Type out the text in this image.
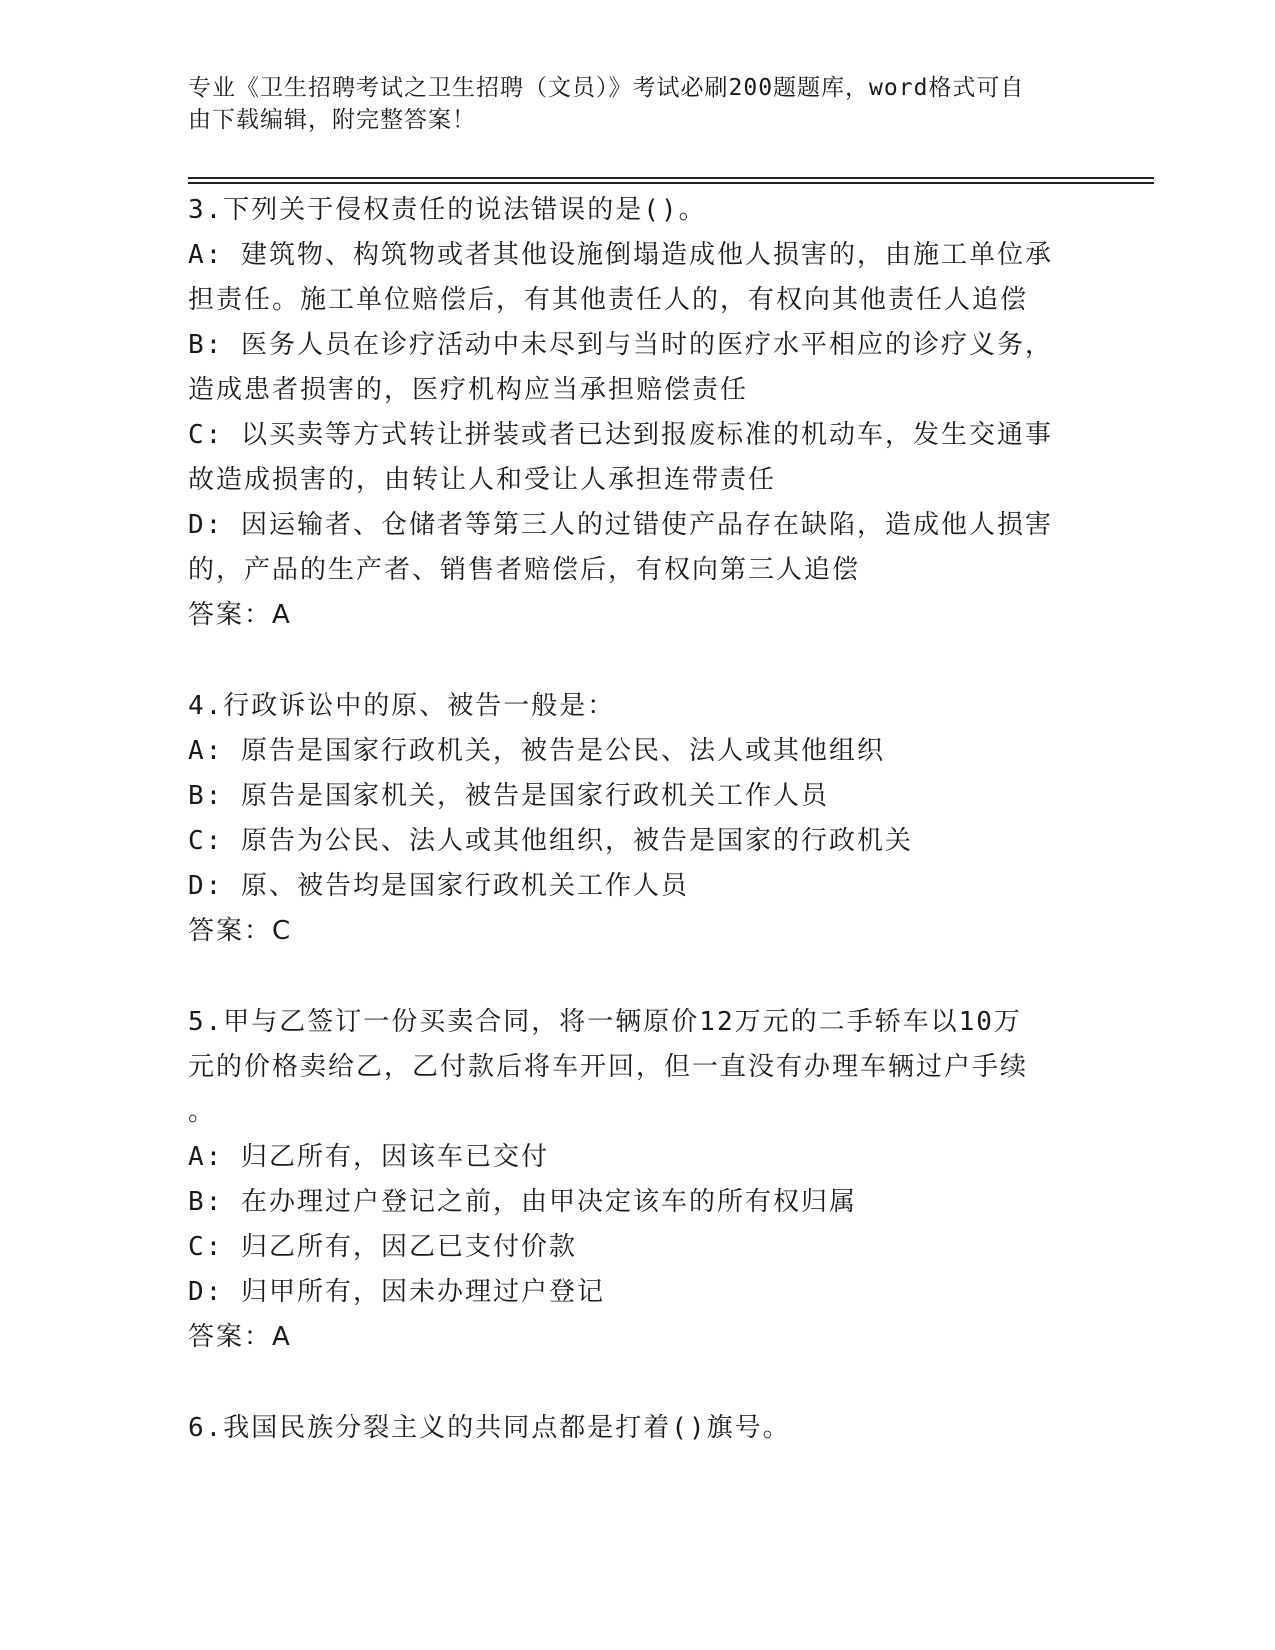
专业《卫生招聘考试之卫生招聘（文员）》考试必刷200题题库，word格式可自
由下载编辑，附完整答案！
3.下列关于侵权责任的说法错误的是()。
A: 建筑物、构筑物或者其他设施倒塌造成他人损害的，由施工单位承
担责任。施工单位赔偿后，有其他责任人的，有权向其他责任人追偿
B: 医务人员在诊疗活动中未尽到与当时的医疗水平相应的诊疗义务，
造成患者损害的，医疗机构应当承担赔偿责任
C: 以买卖等方式转让拼装或者已达到报废标准的机动车，发生交通事
故造成损害的，由转让人和受让人承担连带责任
D: 因运输者、仓储者等第三人的过错使产品存在缺陷，造成他人损害
的，产品的生产者、销售者赔偿后，有权向第三人追偿
答案：A
4.行政诉讼中的原、被告一般是：
A: 原告是国家行政机关，被告是公民、法人或其他组织
B: 原告是国家机关，被告是国家行政机关工作人员
C: 原告为公民、法人或其他组织，被告是国家的行政机关
D: 原、被告均是国家行政机关工作人员
答案：C
5.甲与乙签订一份买卖合同，将一辆原价12万元的二手轿车以10万
元的价格卖给乙，乙付款后将车开回，但一直没有办理车辆过户手续
。
A: 归乙所有，因该车已交付
B: 在办理过户登记之前，由甲决定该车的所有权归属
C: 归乙所有，因乙已支付价款
D: 归甲所有，因未办理过户登记
答案：A
6.我国民族分裂主义的共同点都是打着()旗号。
